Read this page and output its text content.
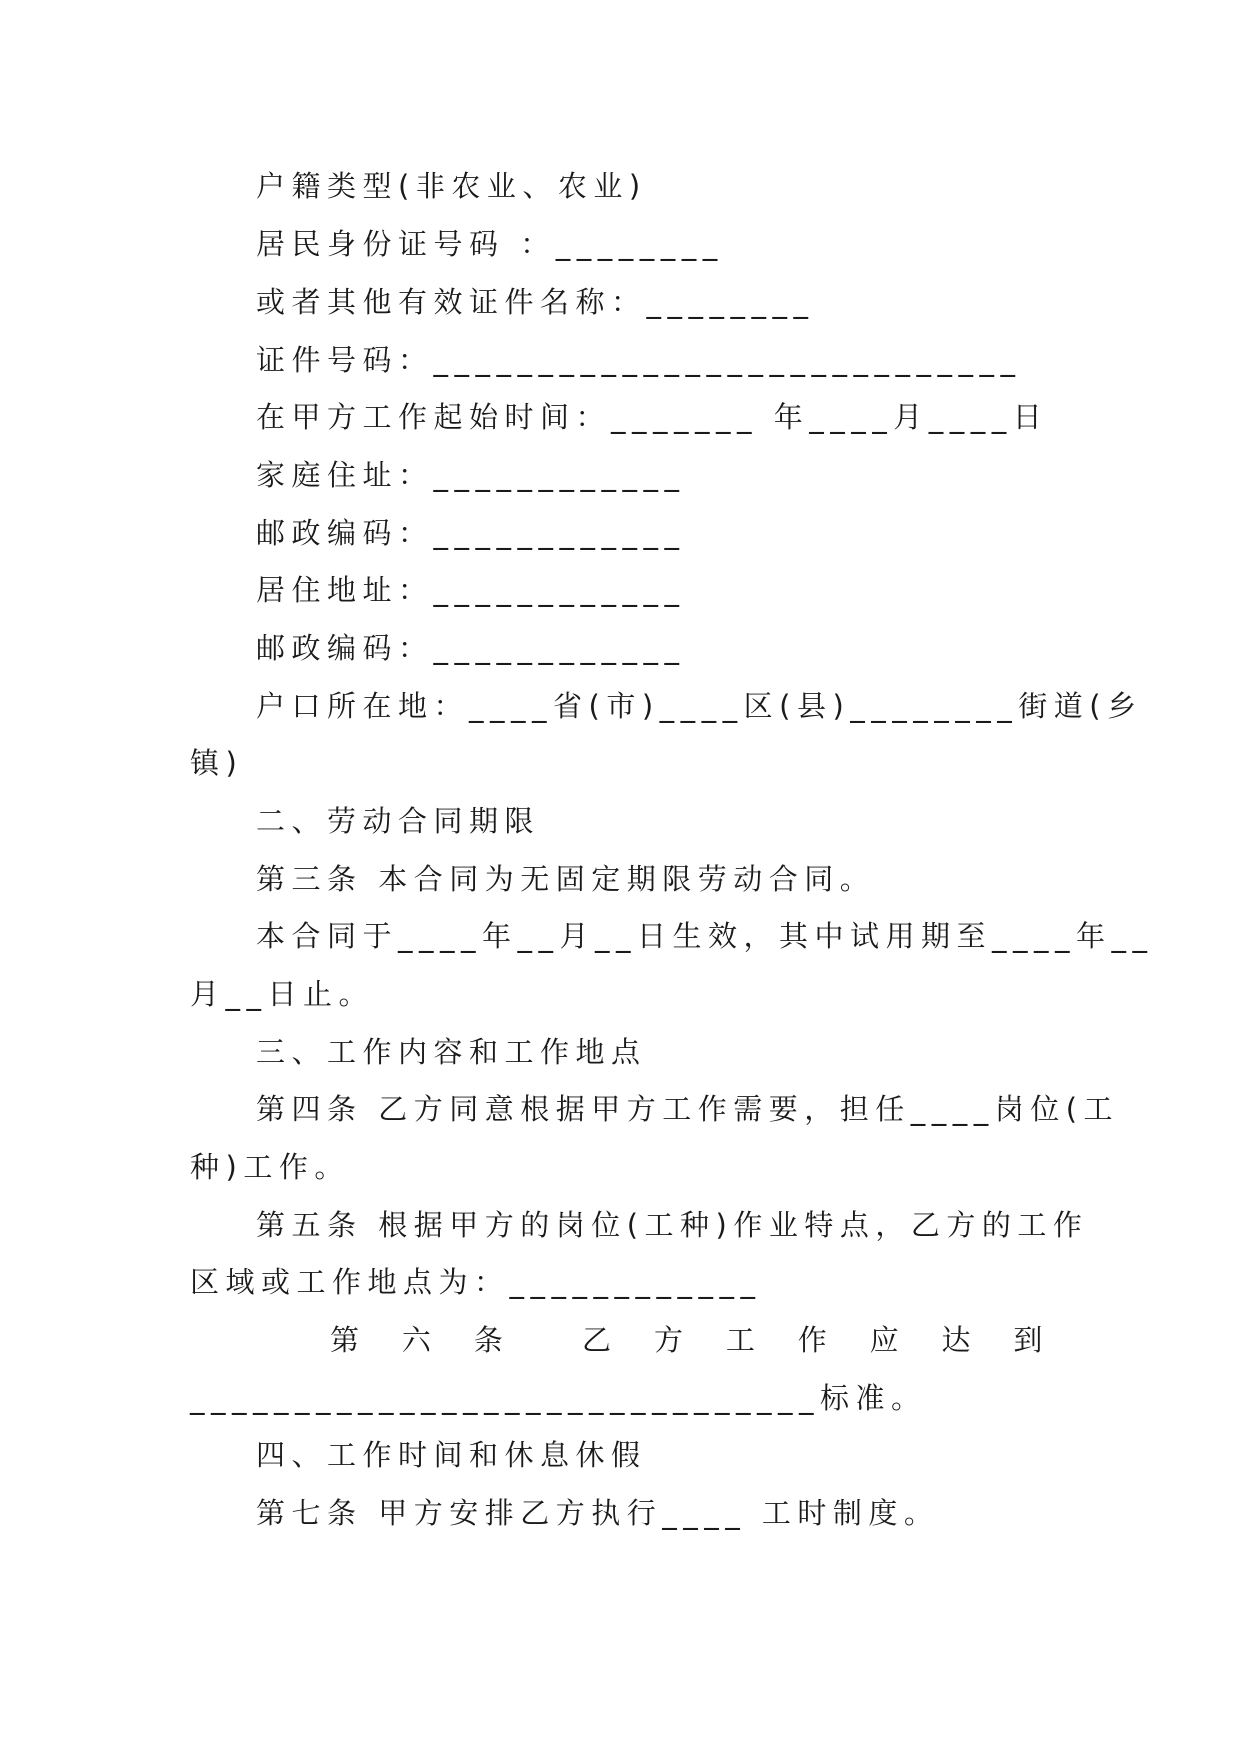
户籍类型(非农业、农业)
居民身份证号码 ：________
或者其他有效证件名称：________
证件号码：____________________________
在甲方工作起始时间：_______ 年____月____日
家庭住址：____________
邮政编码：____________
居住地址：____________
邮政编码：____________
户口所在地：____省(市)____区(县)________街道(乡
镇)
二、劳动合同期限
第三条 本合同为无固定期限劳动合同。
本合同于____年__月__日生效，其中试用期至____年__
月__日止。
三、工作内容和工作地点
第四条 乙方同意根据甲方工作需要，担任____岗位(工
种)工作。
第五条 根据甲方的岗位(工种)作业特点，乙方的工作
区域或工作地点为：____________
第 六 条	乙 方 工 作 应 达 到
______________________________标准。
四、工作时间和休息休假
第七条 甲方安排乙方执行____ 工时制度。
